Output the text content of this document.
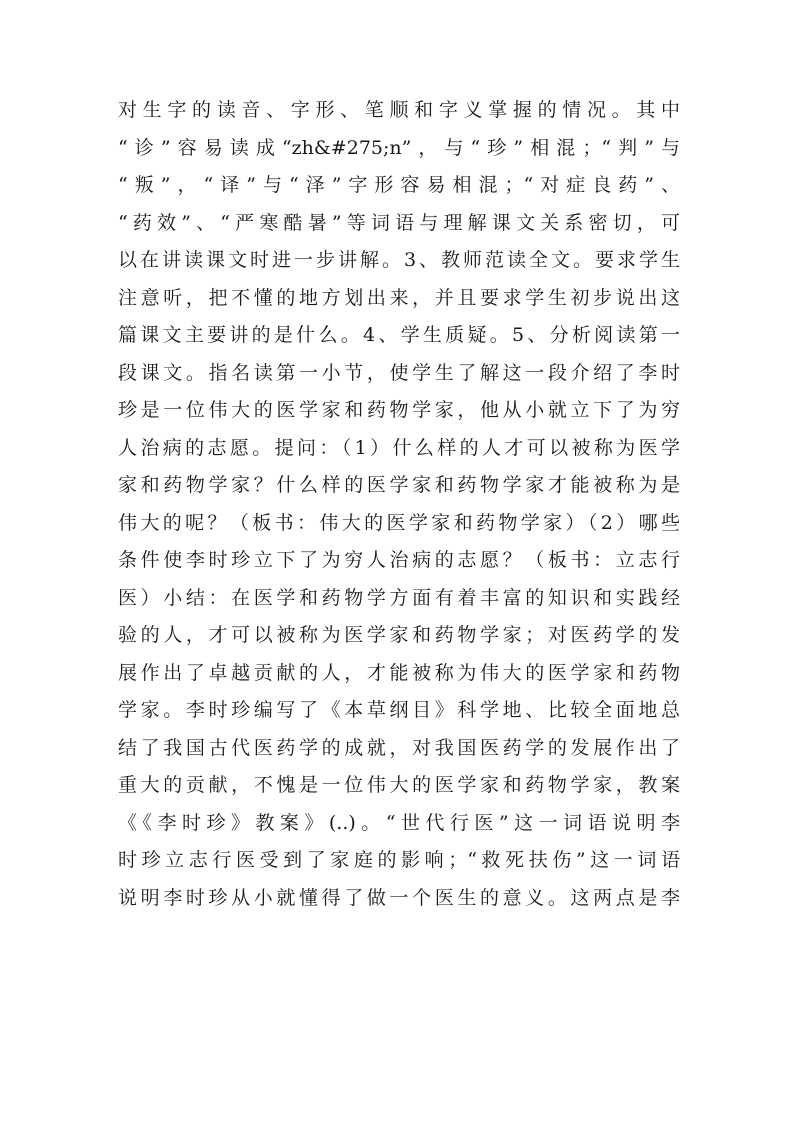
对生字的读音、字形、笔顺和字义掌握的情况。其中
“诊”容易读成“zh&#275;n”，与“珍”相混；“判”与
“叛”，“译”与“泽”字形容易相混；“对症良药”、
“药效”、“严寒酷暑”等词语与理解课文关系密切，可
以在讲读课文时进一步讲解。3、教师范读全文。要求学生
注意听，把不懂的地方划出来，并且要求学生初步说出这
篇课文主要讲的是什么。4、学生质疑。5、分析阅读第一
段课文。指名读第一小节，使学生了解这一段介绍了李时
珍是一位伟大的医学家和药物学家，他从小就立下了为穷
人治病的志愿。提问：（1）什么样的人才可以被称为医学
家和药物学家？什么样的医学家和药物学家才能被称为是
伟大的呢？（板书：伟大的医学家和药物学家）（2）哪些
条件使李时珍立下了为穷人治病的志愿？（板书：立志行
医）小结：在医学和药物学方面有着丰富的知识和实践经
验的人，才可以被称为医学家和药物学家；对医药学的发
展作出了卓越贡献的人，才能被称为伟大的医学家和药物
学家。李时珍编写了《本草纲目》科学地、比较全面地总
结了我国古代医药学的成就，对我国医药学的发展作出了
重大的贡献，不愧是一位伟大的医学家和药物学家，教案
《《李时珍》教案》(..)。“世代行医”这一词语说明李
时珍立志行医受到了家庭的影响；“救死扶伤”这一词语
说明李时珍从小就懂得了做一个医生的意义。这两点是李
